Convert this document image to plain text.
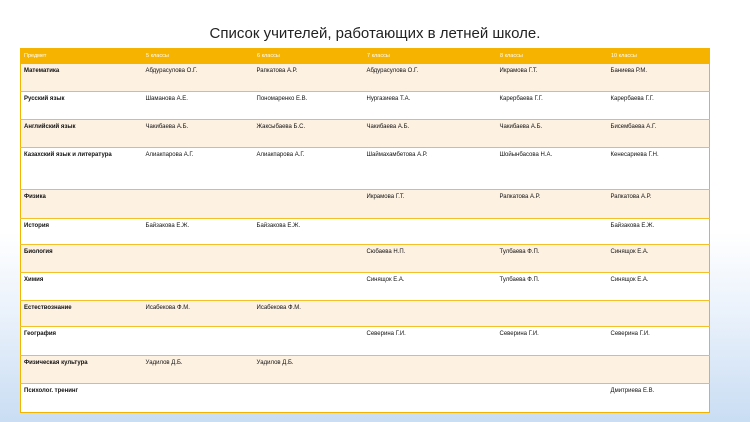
Список учителей, работающих в летней школе.
Предмет	5 классы	6 классы	7 классы	8 классы	10 классы
Математика	Абдурасулова О.Г.	Рапкатова А.Р.	Абдурасулова О.Г.	Икрамова Г.Т.	Баниева Р.М.
Русский язык	Шаманова А.Е.	Пономаренко Е.В.	Нургазиева Т.А.	Карербаева Г.Г.	Карербаева Г.Г.
Английский язык	Чакибаева А.Б.	Жаксыбаева Б.С.	Чакибаева А.Б.	Чакибаева А.Б.	Бисембаева А.Г.
Казахский язык и литература	Алиакпарова А.Г.	Алиакпарова А.Г.	Шаймахамбетова А.Р.	Шойынбасова Н.А.	Кенесариева Г.Н.
Физика			Икрамова Г.Т.	Рапкатова А.Р.	Рапкатова А.Р.
История	Байзакова Е.Ж.	Байзакова Е.Ж.			Байзакова Е.Ж.
Биология			Сюбаева Н.П.	Тулбаева Ф.П.	Синящок Е.А.
Химия			Синящок Е.А.	Тулбаева Ф.П.	Синящок Е.А.
Естествознание	Исабекова Ф.М.	Исабекова Ф.М.			
География			Северина Г.И.	Северина Г.И.	Северина Г.И.
Физическая культура	Уадилов Д.Б.	Уадилов Д.Б.			
Психолог. тренинг					Дмитриева Е.В.
